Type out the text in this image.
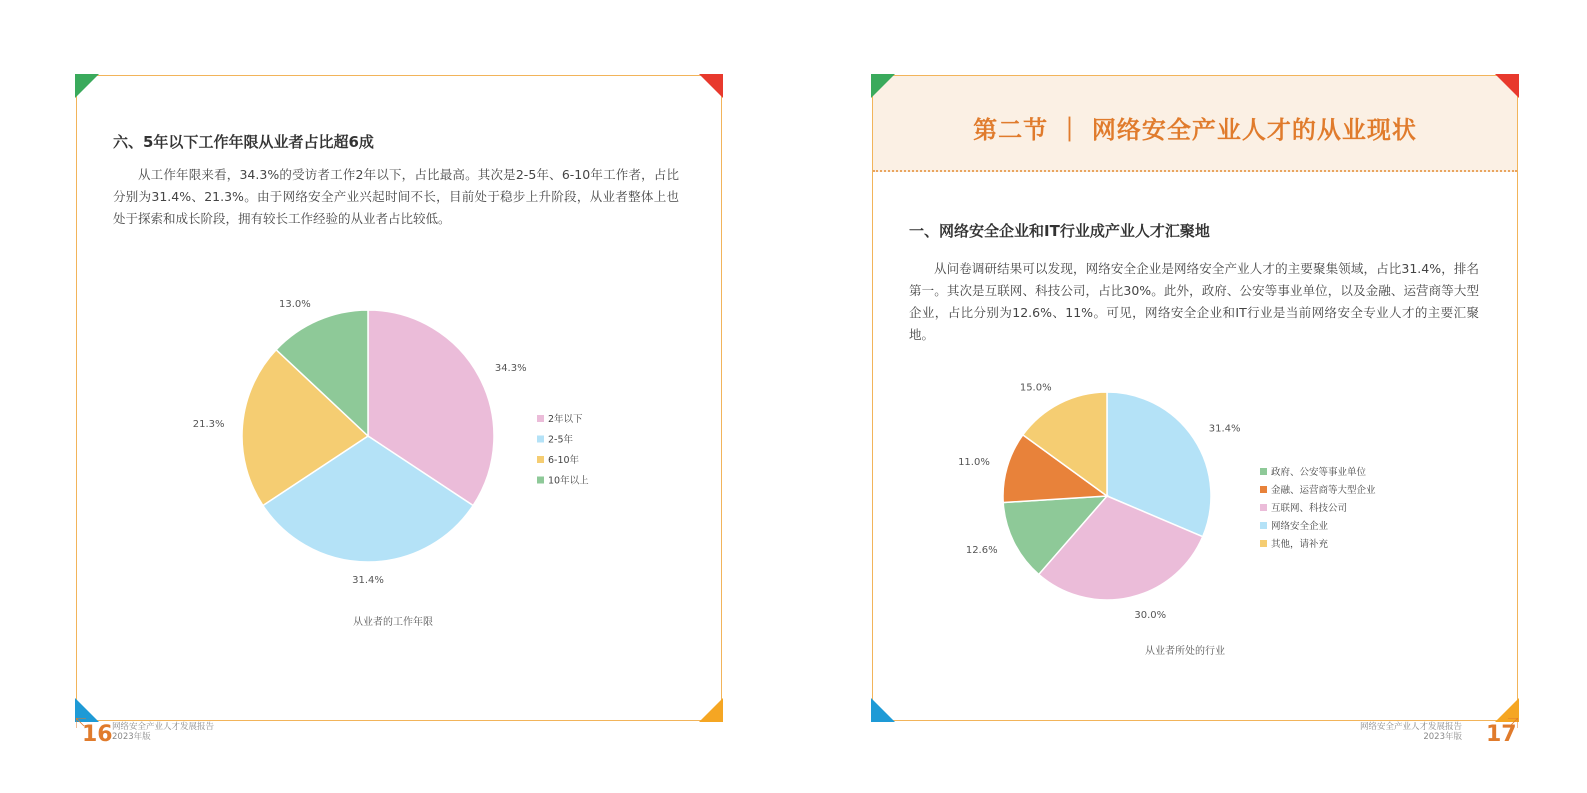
六、5年以下工作年限从业者占比超6成
从工作年限来看，34.3%的受访者工作2年以下，占比最高。其次是2-5年、6-10年工作者，占比分别为31.4%、21.3%。由于网络安全产业兴起时间不长，目前处于稳步上升阶段，从业者整体上也处于探索和成长阶段，拥有较长工作经验的从业者占比较低。
34.3%
31.4%
21.3%
13.0%
2年以下
2-5年
6-10年
10年以上
从业者的工作年限
第二节 ｜ 网络安全产业人才的从业现状
一、网络安全企业和IT行业成产业人才汇聚地
从问卷调研结果可以发现，网络安全企业是网络安全产业人才的主要聚集领域，占比31.4%，排名第一。其次是互联网、科技公司，占比30%。此外，政府、公安等事业单位，以及金融、运营商等大型企业，占比分别为12.6%、11%。可见，网络安全企业和IT行业是当前网络安全专业人才的主要汇聚地。
31.4%
30.0%
12.6%
11.0%
15.0%
政府、公安等事业单位
金融、运营商等大型企业
互联网、科技公司
网络安全企业
其他，请补充
从业者所处的行业
16 网络安全产业人才发展报告
2023年版
网络安全产业人才发展报告
2023年版 17
